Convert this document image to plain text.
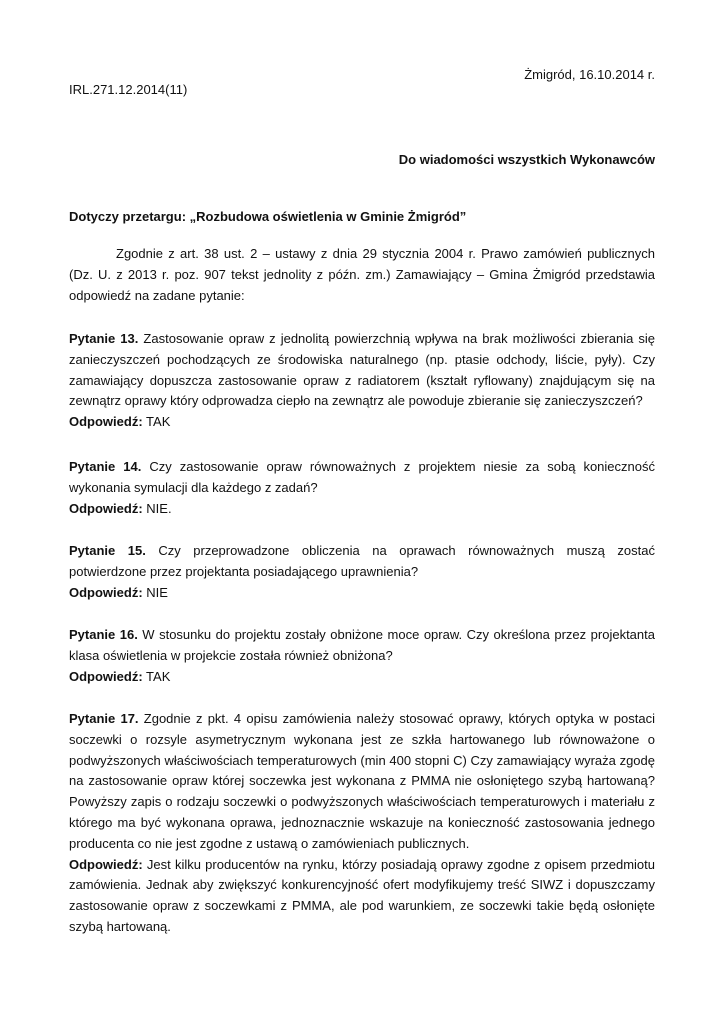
Żmigród, 16.10.2014 r.
IRL.271.12.2014(11)
Do wiadomości wszystkich Wykonawców
Dotyczy przetargu: „Rozbudowa oświetlenia w Gminie Żmigród”
Zgodnie z art. 38 ust. 2 – ustawy z dnia 29 stycznia 2004 r. Prawo zamówień publicznych (Dz. U. z 2013 r. poz. 907 tekst jednolity z późn. zm.) Zamawiający – Gmina Żmigród przedstawia odpowiedź na zadane pytanie:

Pytanie 13. Zastosowanie opraw z jednolitą powierzchnią wpływa na brak możliwości zbierania się zanieczyszczeń pochodzących ze środowiska naturalnego (np. ptasie odchody, liście, pyły). Czy zamawiający dopuszcza zastosowanie opraw z radiatorem (kształt ryflowany) znajdującym się na zewnątrz oprawy który odprowadza ciepło na zewnątrz ale powoduje zbieranie się zanieczyszczeń?

Odpowiedź: TAK

Pytanie 14. Czy zastosowanie opraw równoważnych z projektem niesie za sobą konieczność wykonania symulacji dla każdego z zadań?

Odpowiedź: NIE.

Pytanie 15. Czy przeprowadzone obliczenia na oprawach równoważnych muszą zostać potwierdzone przez projektanta posiadającego uprawnienia?

Odpowiedź: NIE

Pytanie 16. W stosunku do projektu zostały obniżone moce opraw. Czy określona przez projektanta klasa oświetlenia w projekcie została również obniżona?

Odpowiedź: TAK

Pytanie 17. Zgodnie z pkt. 4 opisu zamówienia należy stosować oprawy, których optyka w postaci soczewki o rozsyle asymetrycznym wykonana jest ze szkła hartowanego lub równoważone o podwyższonych właściwościach temperaturowych (min 400 stopni C) Czy zamawiający wyraża zgodę na zastosowanie opraw której soczewka jest wykonana z PMMA nie osłoniętego szybą hartowaną? Powyższy zapis o rodzaju soczewki o podwyższonych właściwościach temperaturowych i materiału z którego ma być wykonana oprawa, jednoznacznie wskazuje na konieczność zastosowania jednego producenta co nie jest zgodne z ustawą o zamówieniach publicznych.

Odpowiedź: Jest kilku producentów na rynku, którzy posiadają oprawy zgodne z opisem przedmiotu zamówienia. Jednak aby zwiększyć konkurencyjność ofert modyfikujemy treść SIWZ i dopuszczamy zastosowanie opraw z soczewkami z PMMA, ale pod warunkiem, ze soczewki takie będą osłonięte szybą hartowaną.
